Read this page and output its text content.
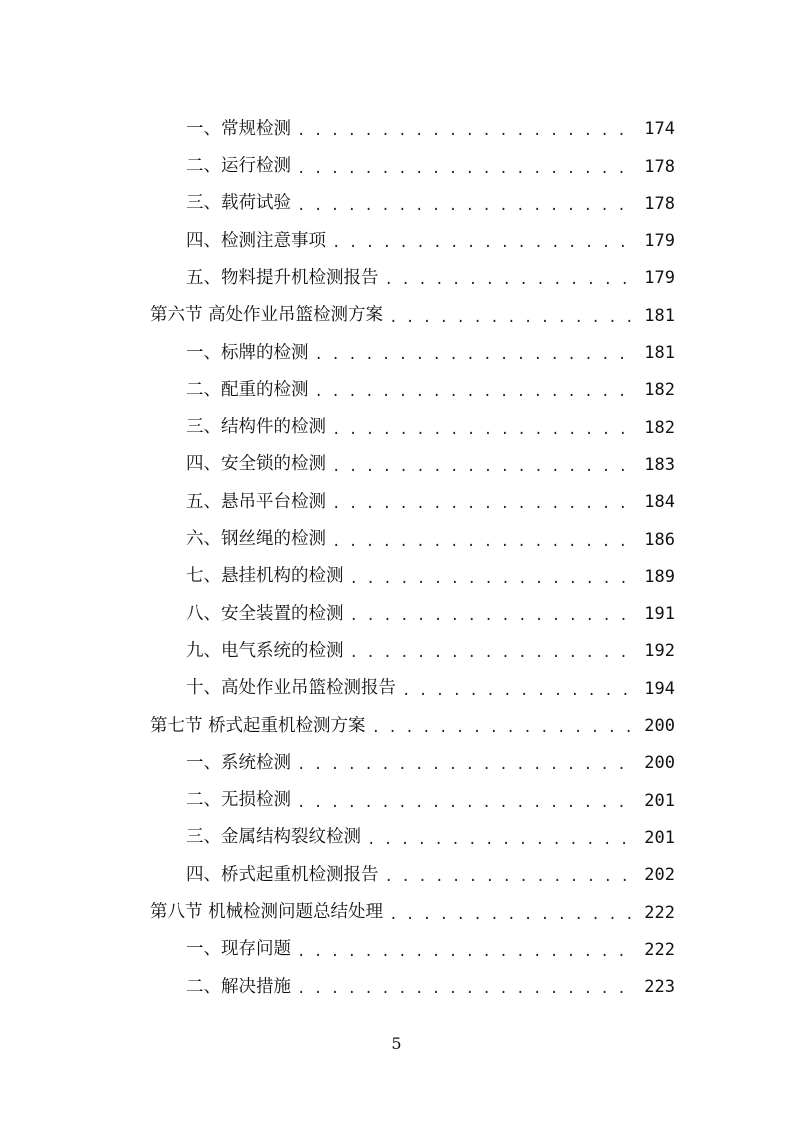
一、常规检测 . . .	174
二、运行检测 . . .	178
三、载荷试验 . . .	178
四、检测注意事项 . . .	179
五、物料提升机检测报告 . . .	179
第六节 高处作业吊篮检测方案 . . .	181
一、标牌的检测 . . .	181
二、配重的检测 . . .	182
三、结构件的检测 . . .	182
四、安全锁的检测 . . .	183
五、悬吊平台检测 . . .	184
六、钢丝绳的检测 . . .	186
七、悬挂机构的检测 . . .	189
八、安全装置的检测 . . .	191
九、电气系统的检测 . . .	192
十、高处作业吊篮检测报告 . . .	194
第七节 桥式起重机检测方案 . . .	200
一、系统检测 . . .	200
二、无损检测 . . .	201
三、金属结构裂纹检测 . . .	201
四、桥式起重机检测报告 . . .	202
第八节 机械检测问题总结处理 . . .	222
一、现存问题 . . .	222
二、解决措施 . . .	223
5
